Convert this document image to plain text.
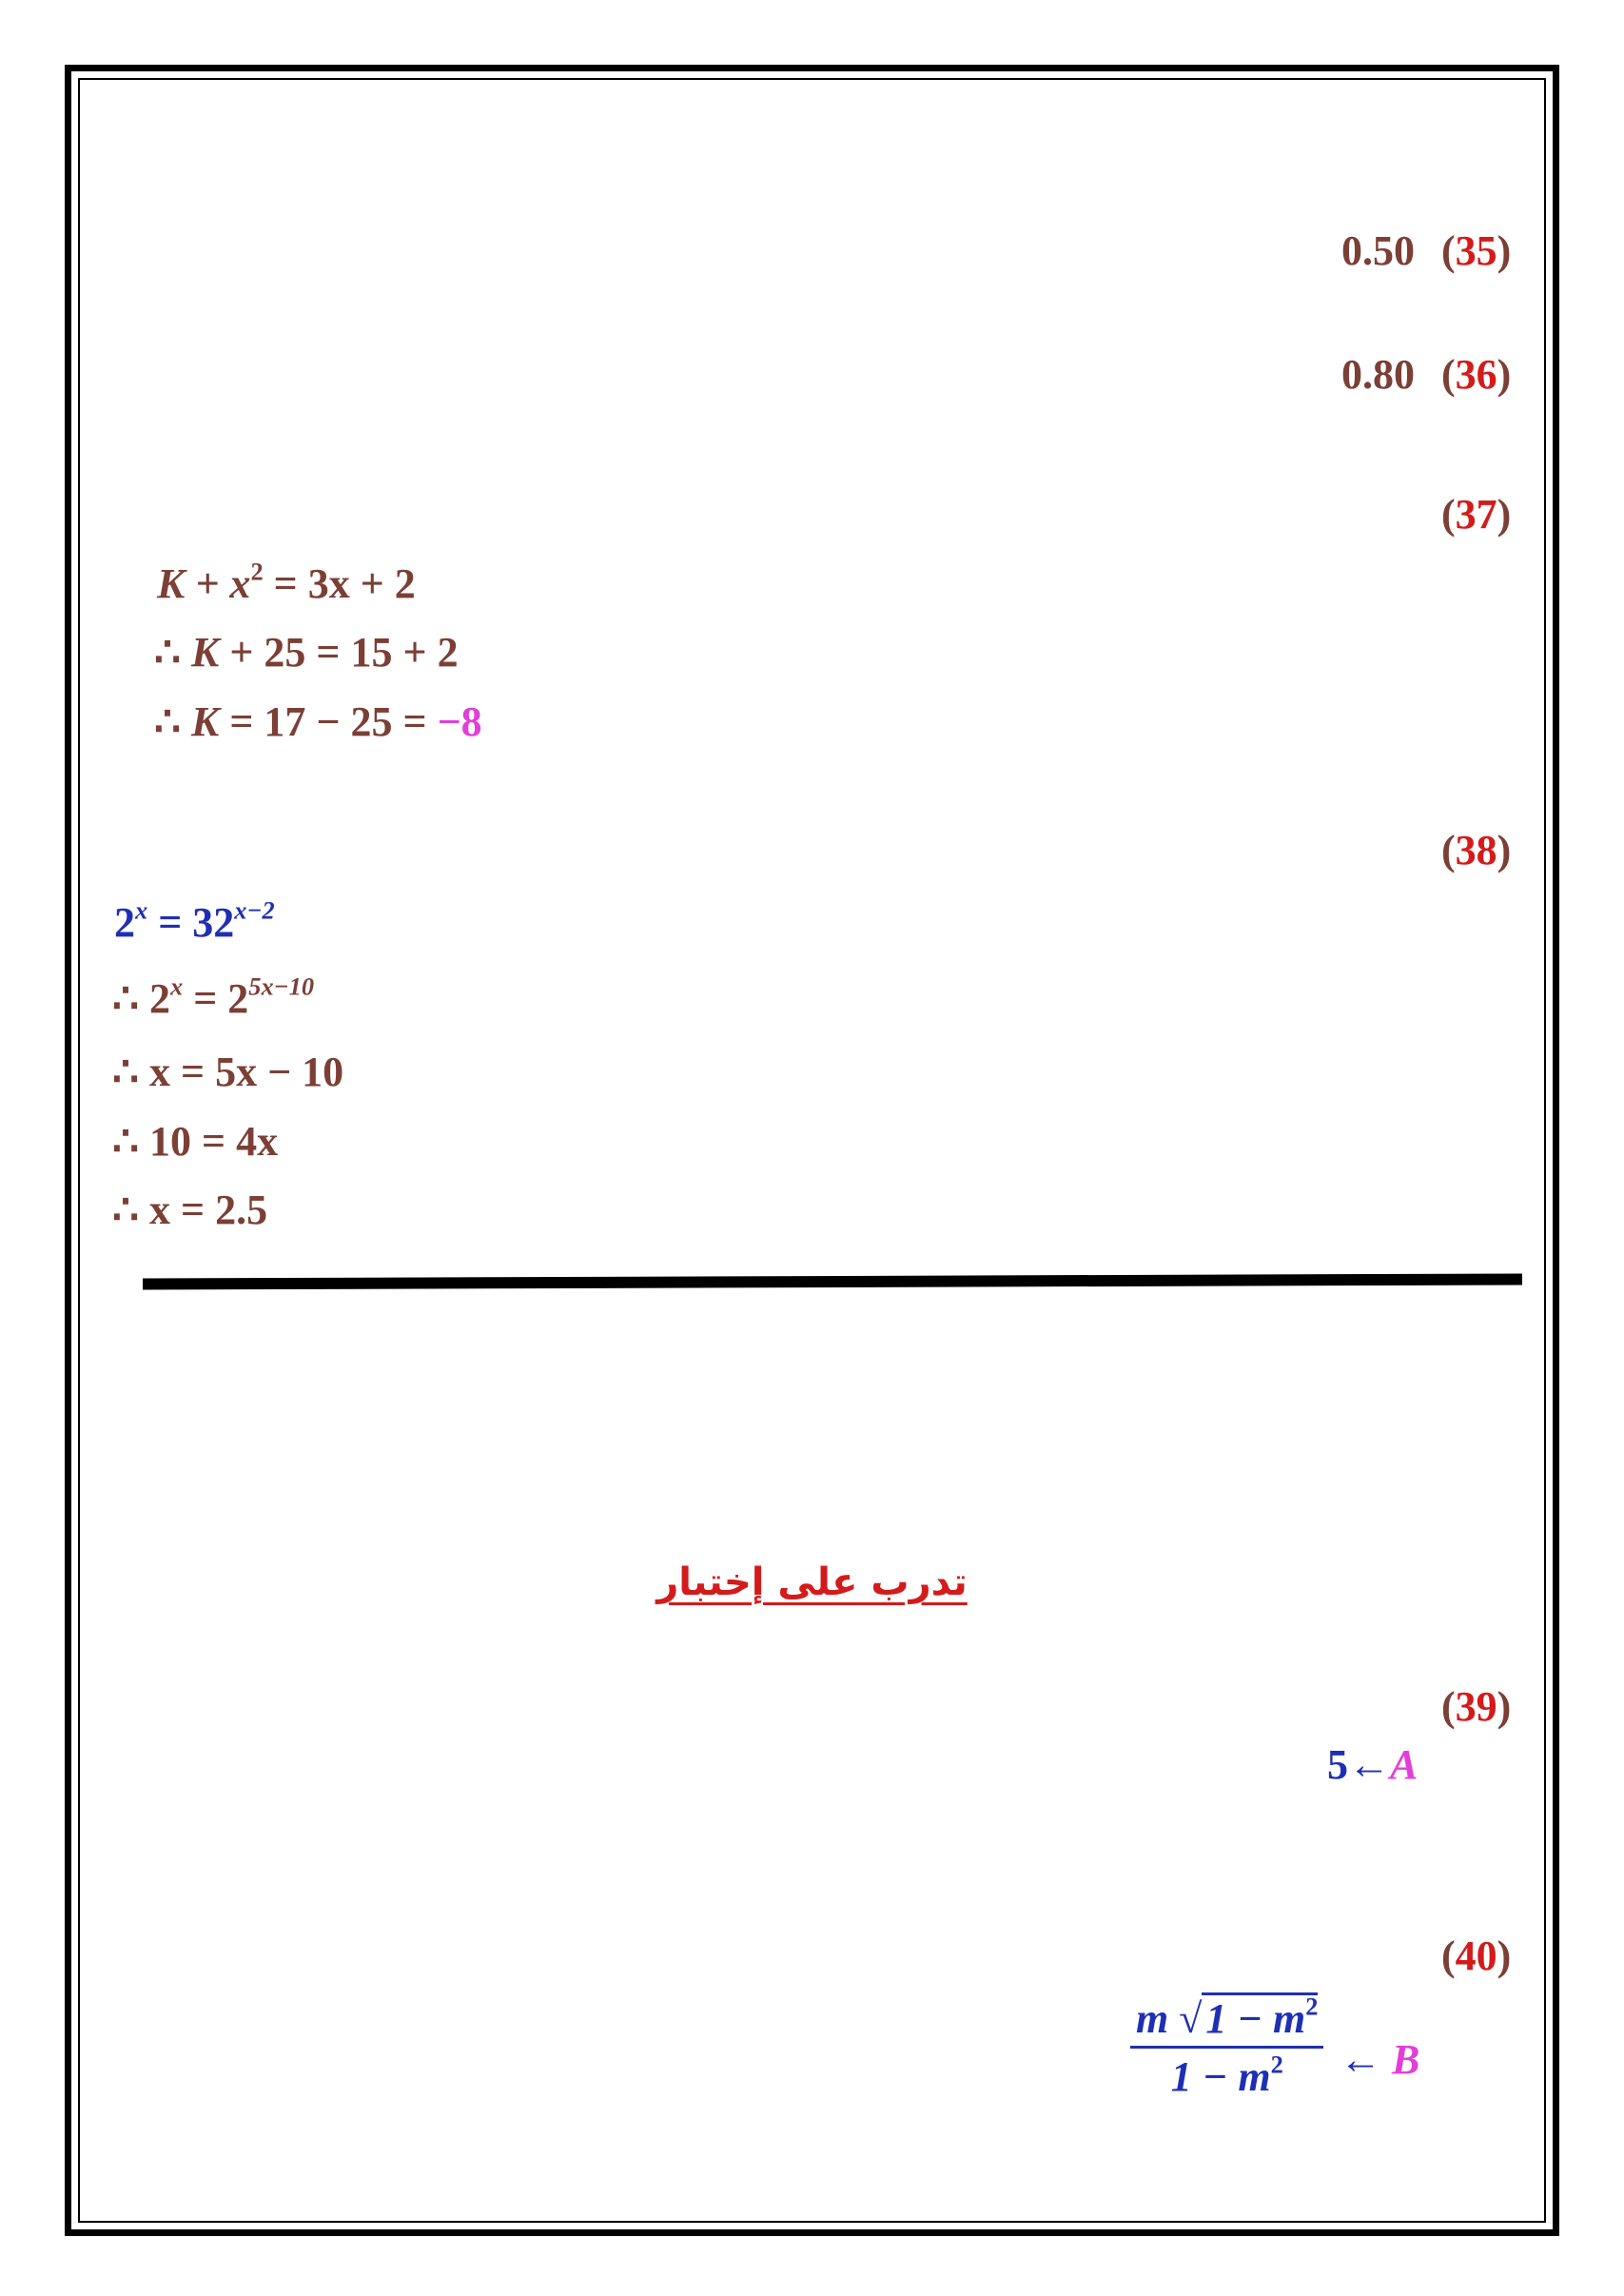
0.50 (35)
0.80 (36)
(37)
$K + x^2 = 3x + 2$
∴ K + 25 = 15 + 2
∴ K = 17 − 25 = −8
(38)
$2^x = 32^{x-2}$
∴ $2^x = 2^{5x-10}$
∴ x = 5x − 10
∴ 10 = 4x
∴ x = 2.5
تدرب على إختبار
(39)
5←A
(40)
$\frac{m √1 - m^2}{1 - m^2}$ ← B
